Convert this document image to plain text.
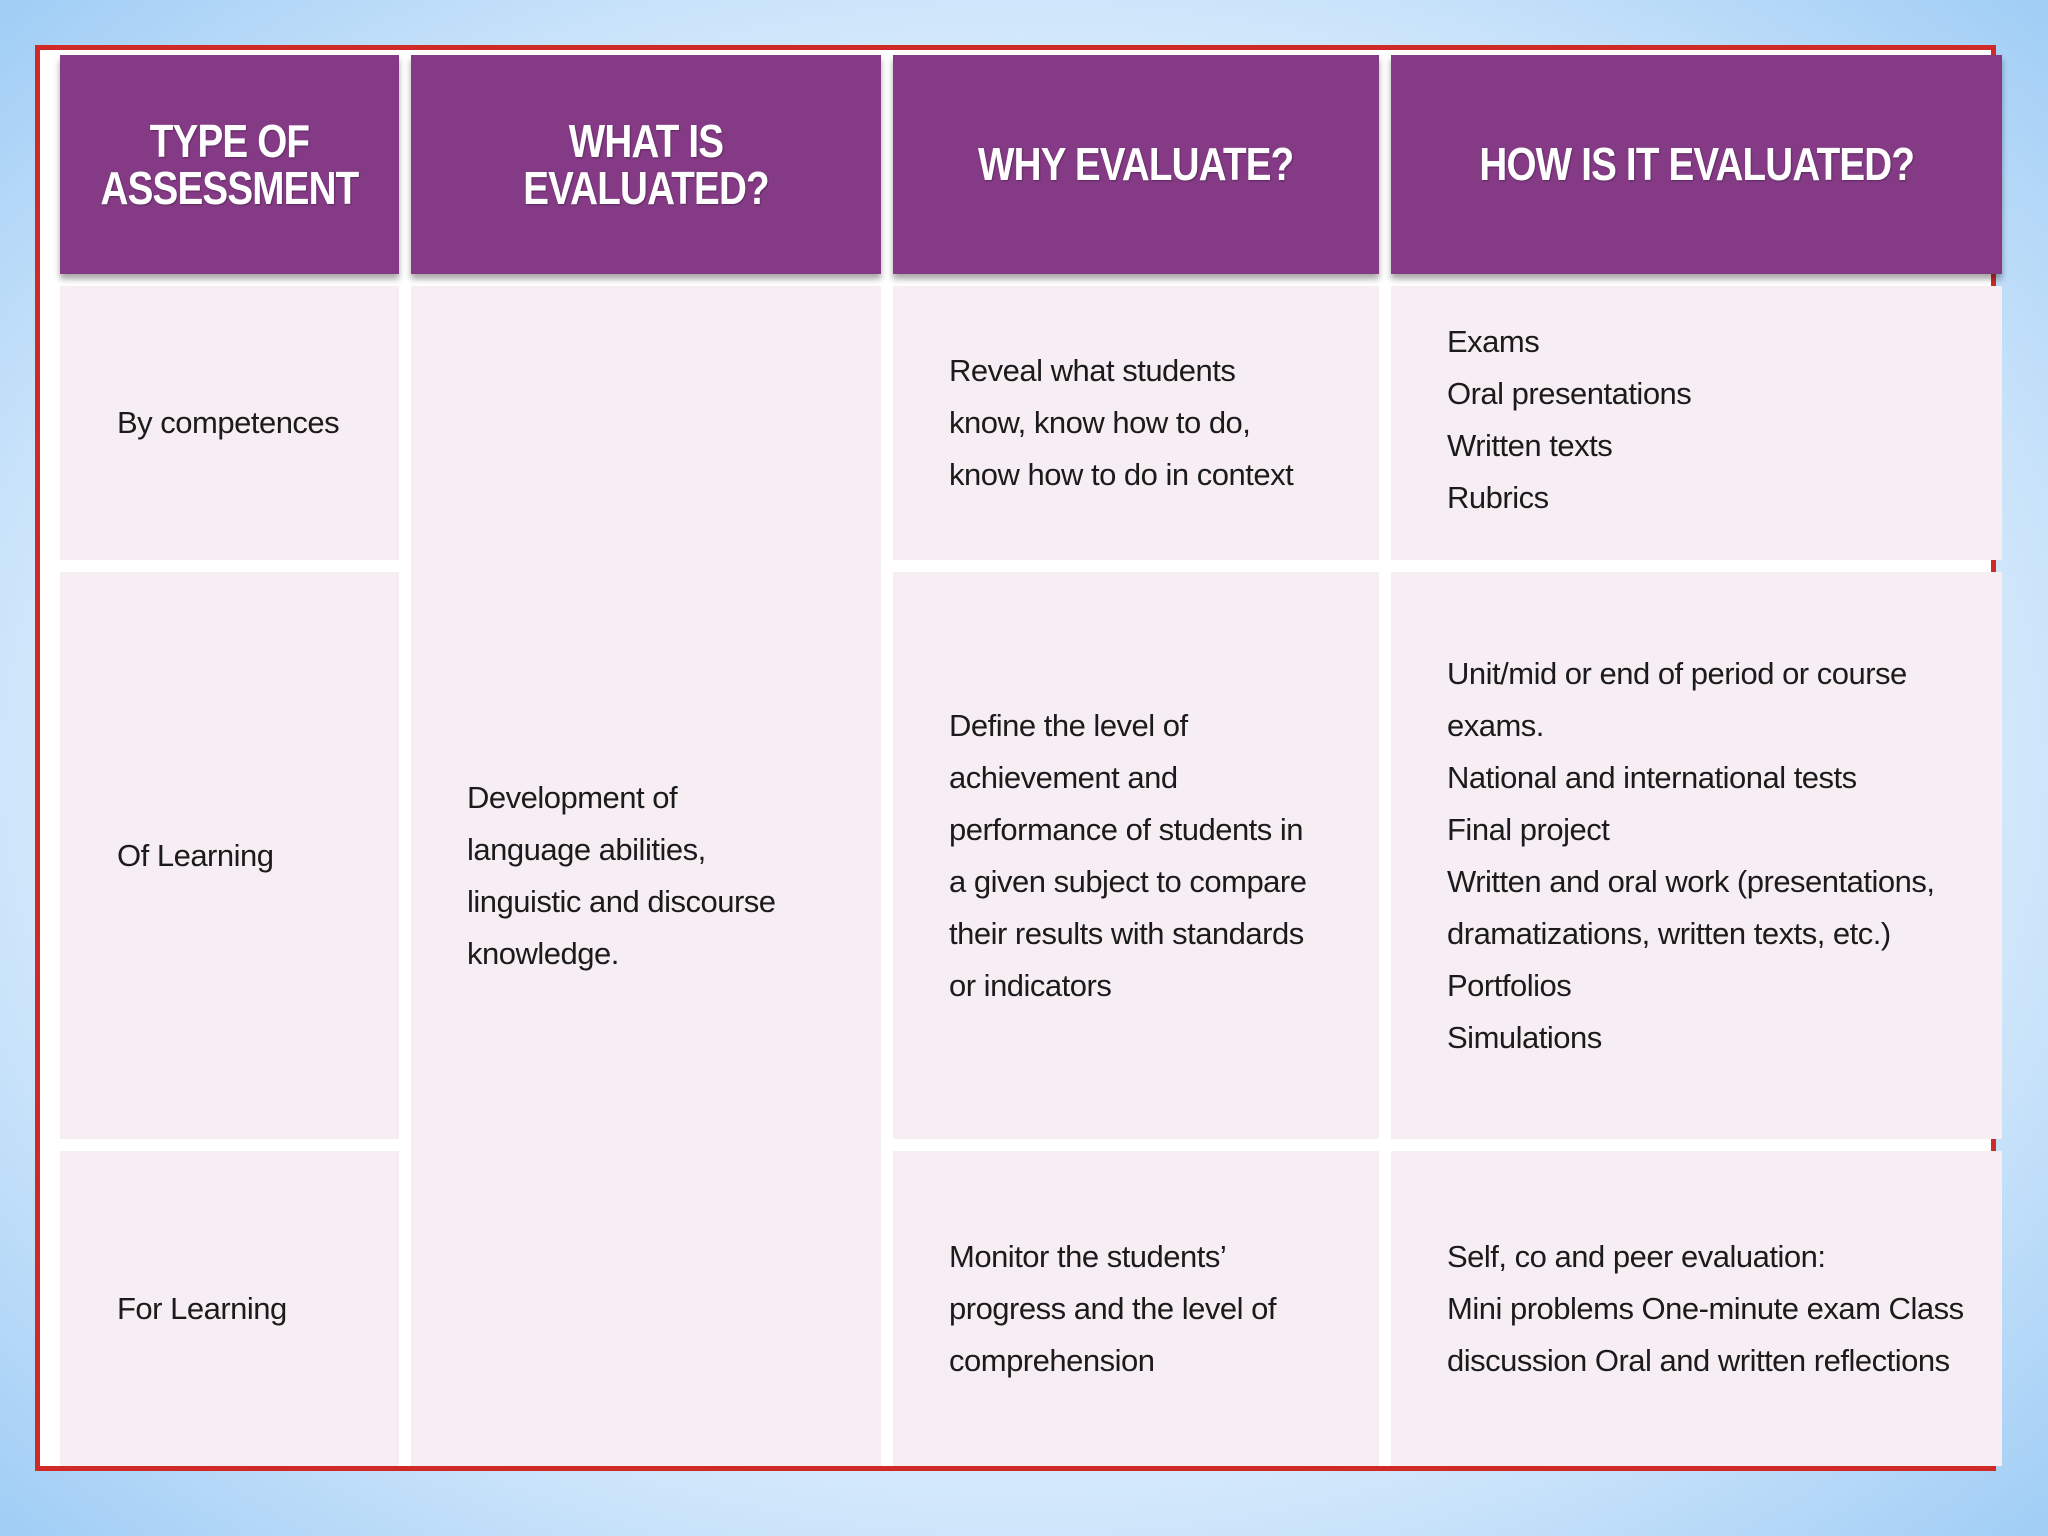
TYPE OF
ASSESSMENT
WHAT IS EVALUATED?	WHY EVALUATE?	HOW IS IT EVALUATED?
By competences
Development of
language abilities,
linguistic and discourse
knowledge.
Reveal what students
know, know how to do,
know how to do in context
Exams
Oral presentations
Written texts
Rubrics
Of Learning
Define the level of
achievement and
performance of students in
a given subject to compare
their results with standards
or indicators
Unit/mid or end of period or course
exams.
National and international tests
Final project
Written and oral work (presentations,
dramatizations, written texts, etc.)
Portfolios
Simulations
For Learning
Monitor the students’
progress and the level of
comprehension
Self, co and peer evaluation:
Mini problems One-minute exam Class
discussion Oral and written reflections
